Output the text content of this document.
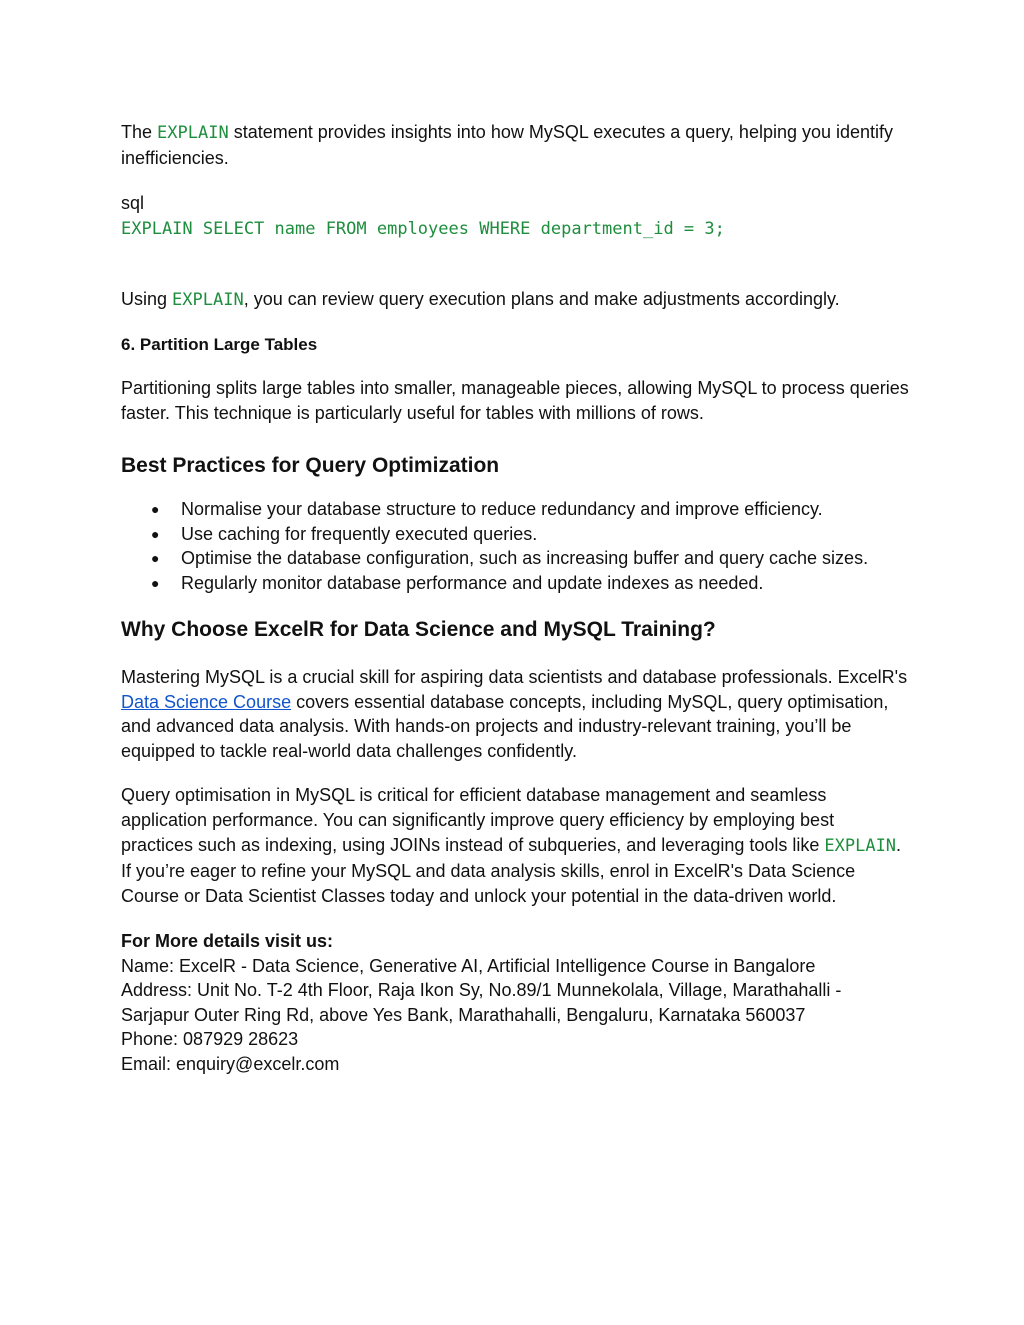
The EXPLAIN statement provides insights into how MySQL executes a query, helping you identify inefficiencies.

sql

EXPLAIN SELECT name FROM employees WHERE department_id = 3;

Using EXPLAIN, you can review query execution plans and make adjustments accordingly.

6. Partition Large Tables

Partitioning splits large tables into smaller, manageable pieces, allowing MySQL to process queries faster. This technique is particularly useful for tables with millions of rows.

Best Practices for Query Optimization

● Normalise your database structure to reduce redundancy and improve efficiency.
● Use caching for frequently executed queries.
● Optimise the database configuration, such as increasing buffer and query cache sizes.
● Regularly monitor database performance and update indexes as needed.

Why Choose ExcelR for Data Science and MySQL Training?

Mastering MySQL is a crucial skill for aspiring data scientists and database professionals. ExcelR's Data Science Course covers essential database concepts, including MySQL, query optimisation, and advanced data analysis. With hands-on projects and industry-relevant training, you’ll be equipped to tackle real-world data challenges confidently.

Query optimisation in MySQL is critical for efficient database management and seamless application performance. You can significantly improve query efficiency by employing best practices such as indexing, using JOINs instead of subqueries, and leveraging tools like EXPLAIN. If you’re eager to refine your MySQL and data analysis skills, enrol in ExcelR's Data Science Course or Data Scientist Classes today and unlock your potential in the data-driven world.

For More details visit us:

Name: ExcelR - Data Science, Generative AI, Artificial Intelligence Course in Bangalore

Address: Unit No. T-2 4th Floor, Raja Ikon Sy, No.89/1 Munnekolala, Village, Marathahalli - Sarjapur Outer Ring Rd, above Yes Bank, Marathahalli, Bengaluru, Karnataka 560037

Phone: 087929 28623

Email: enquiry@excelr.com
